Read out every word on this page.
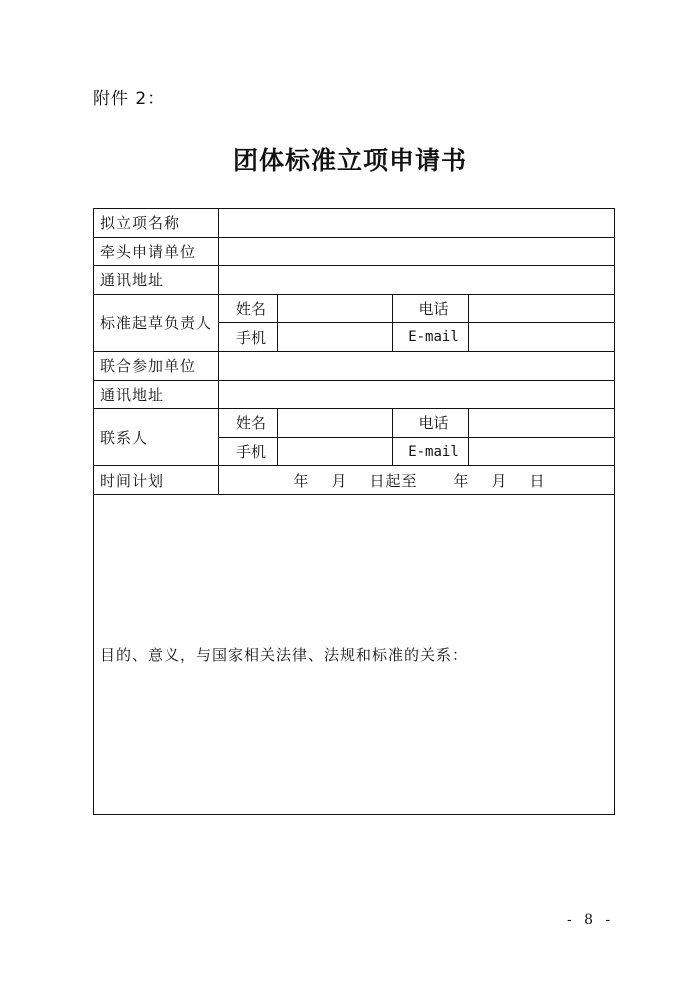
附件 2：
团体标准立项申请书
拟立项名称				
牵头申请单位				
通讯地址				
标准起草负责人	姓名		电话	
	手机		E-mail	
联合参加单位				
通讯地址				
联系人	姓名		电话	
	手机		E-mail	
时间计划	年 月 日起至 年 月 日			
目的、意义，与国家相关法律、法规和标准的关系：				
- 8 -
